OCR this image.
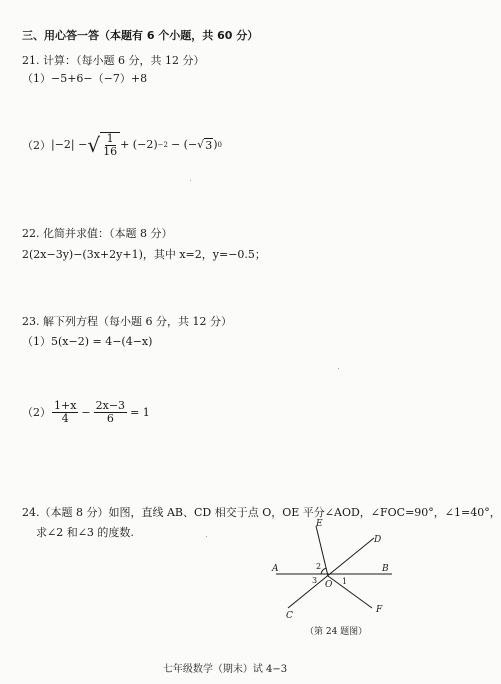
三、用心答一答（本题有 6 个小题，共 60 分）
21. 计算：（每小题 6 分，共 12 分）
（1）−5+6−（−7）+8
（2） |−2| − √ $\frac{1}{16} + (-2) -2$ − (− √ 3 ) 0
22. 化简并求值：（本题 8 分）
2(2x−3y)−(3x+2y+1)，其中 x=2，y=−0.5；
23. 解下列方程（每小题 6 分，共 12 分）
（1）5(x−2) = 4−(4−x)
$(2) \frac{1+x}{4} - \frac{2x-3}{6} = 1$
24.（本题 8 分）如图，直线 AB、CD 相交于点 O，OE 平分∠AOD，∠FOC=90°，∠1=40°，
求∠2 和∠3 的度数.
A	B
C
D
E
F
O 1
2
3
（第 24 题图）
七年级数学（期末）试 4−3
